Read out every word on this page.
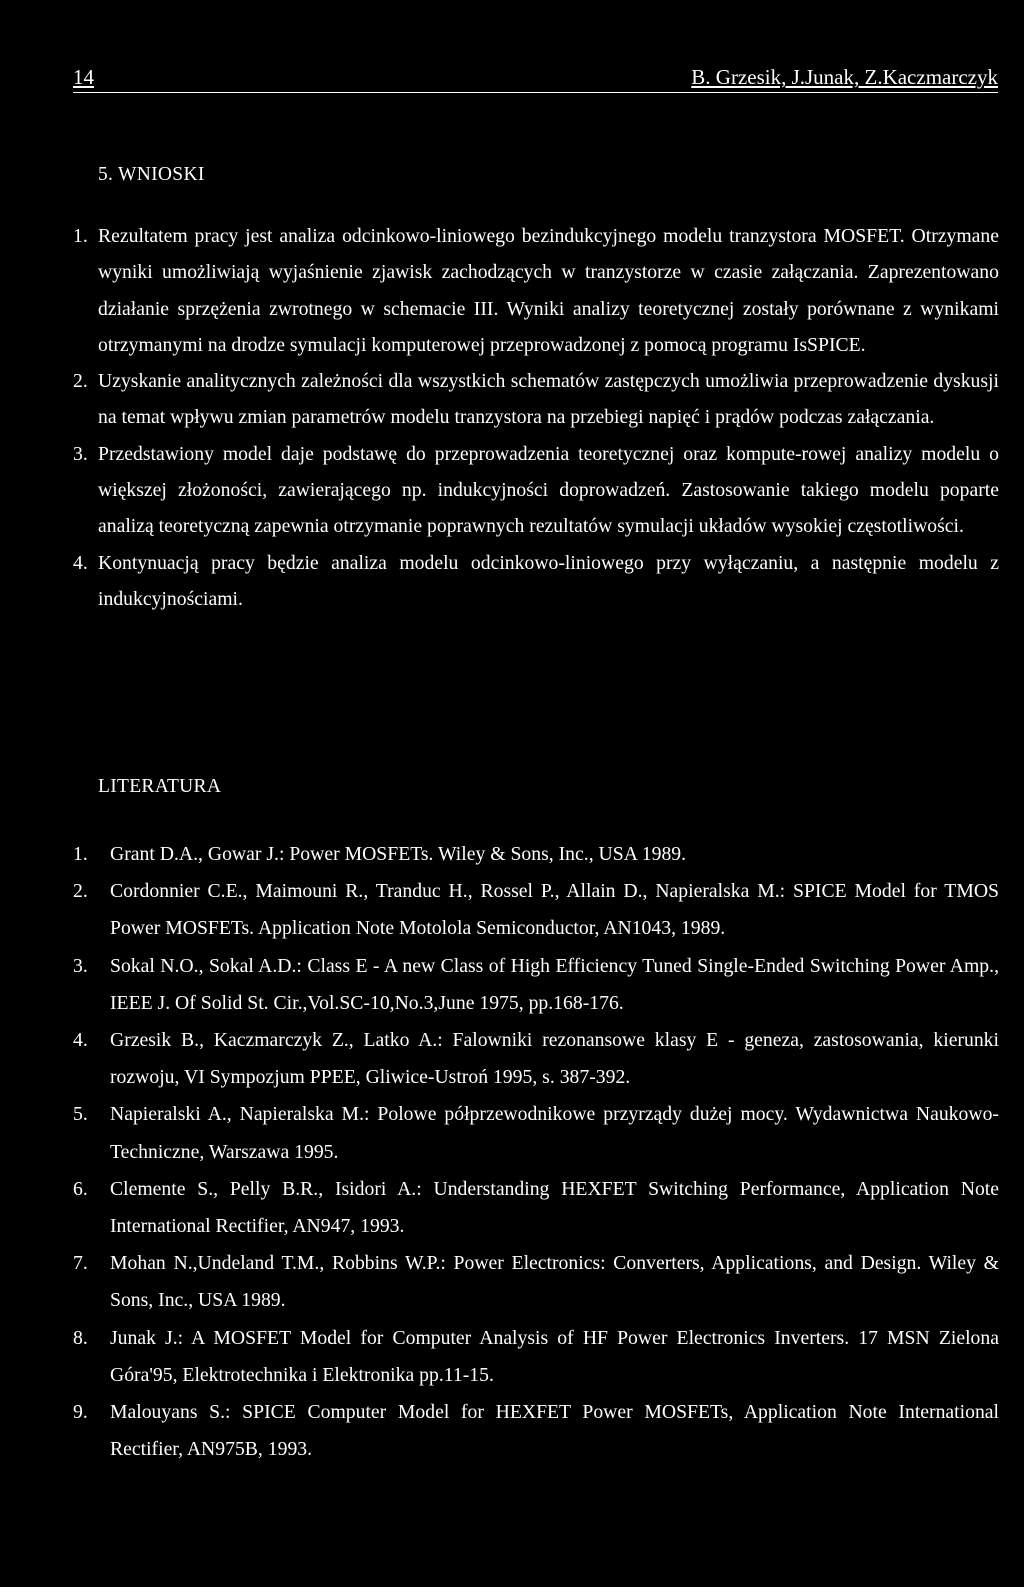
14	B. Grzesik, J.Junak, Z.Kaczmarczyk
5. WNIOSKI

1. Rezultatem pracy jest analiza odcinkowo-liniowego bezindukcyjnego modelu tranzystora MOSFET. Otrzymane wyniki umożliwiają wyjaśnienie zjawisk zachodzących w tranzystorze w czasie załączania. Zaprezentowano działanie sprzężenia zwrotnego w schemacie III. Wyniki analizy teoretycznej zostały porównane z wynikami otrzymanymi na drodze symulacji komputerowej przeprowadzonej z pomocą programu IsSPICE.

2. Uzyskanie analitycznych zależności dla wszystkich schematów zastępczych umożliwia przeprowadzenie dyskusji na temat wpływu zmian parametrów modelu tranzystora na przebiegi napięć i prądów podczas załączania.

3. Przedstawiony model daje podstawę do przeprowadzenia teoretycznej oraz kompute-rowej analizy modelu o większej złożoności, zawierającego np. indukcyjności doprowadzeń. Zastosowanie takiego modelu poparte analizą teoretyczną zapewnia otrzymanie poprawnych rezultatów symulacji układów wysokiej częstotliwości.

4. Kontynuacją pracy będzie analiza modelu odcinkowo-liniowego przy wyłączaniu, a następnie modelu z indukcyjnościami.

LITERATURA

1. Grant D.A., Gowar J.: Power MOSFETs. Wiley & Sons, Inc., USA 1989.

2. Cordonnier C.E., Maimouni R., Tranduc H., Rossel P., Allain D., Napieralska M.: SPICE Model for TMOS Power MOSFETs. Application Note Motolola Semiconductor, AN1043, 1989.

3. Sokal N.O., Sokal A.D.: Class E - A new Class of High Efficiency Tuned Single-Ended Switching Power Amp., IEEE J. Of Solid St. Cir.,Vol.SC-10,No.3,June 1975, pp.168-176.

4. Grzesik B., Kaczmarczyk Z., Latko A.: Falowniki rezonansowe klasy E - geneza, zastosowania, kierunki rozwoju, VI Sympozjum PPEE, Gliwice-Ustroń 1995, s. 387-392.

5. Napieralski A., Napieralska M.: Polowe półprzewodnikowe przyrządy dużej mocy. Wydawnictwa Naukowo-Techniczne, Warszawa 1995.

6. Clemente S., Pelly B.R., Isidori A.: Understanding HEXFET Switching Performance, Application Note International Rectifier, AN947, 1993.

7. Mohan N.,Undeland T.M., Robbins W.P.: Power Electronics: Converters, Applications, and Design. Wiley & Sons, Inc., USA 1989.

8. Junak J.: A MOSFET Model for Computer Analysis of HF Power Electronics Inverters. 17 MSN Zielona Góra'95, Elektrotechnika i Elektronika pp.11-15.

9. Malouyans S.: SPICE Computer Model for HEXFET Power MOSFETs, Application Note International Rectifier, AN975B, 1993.
